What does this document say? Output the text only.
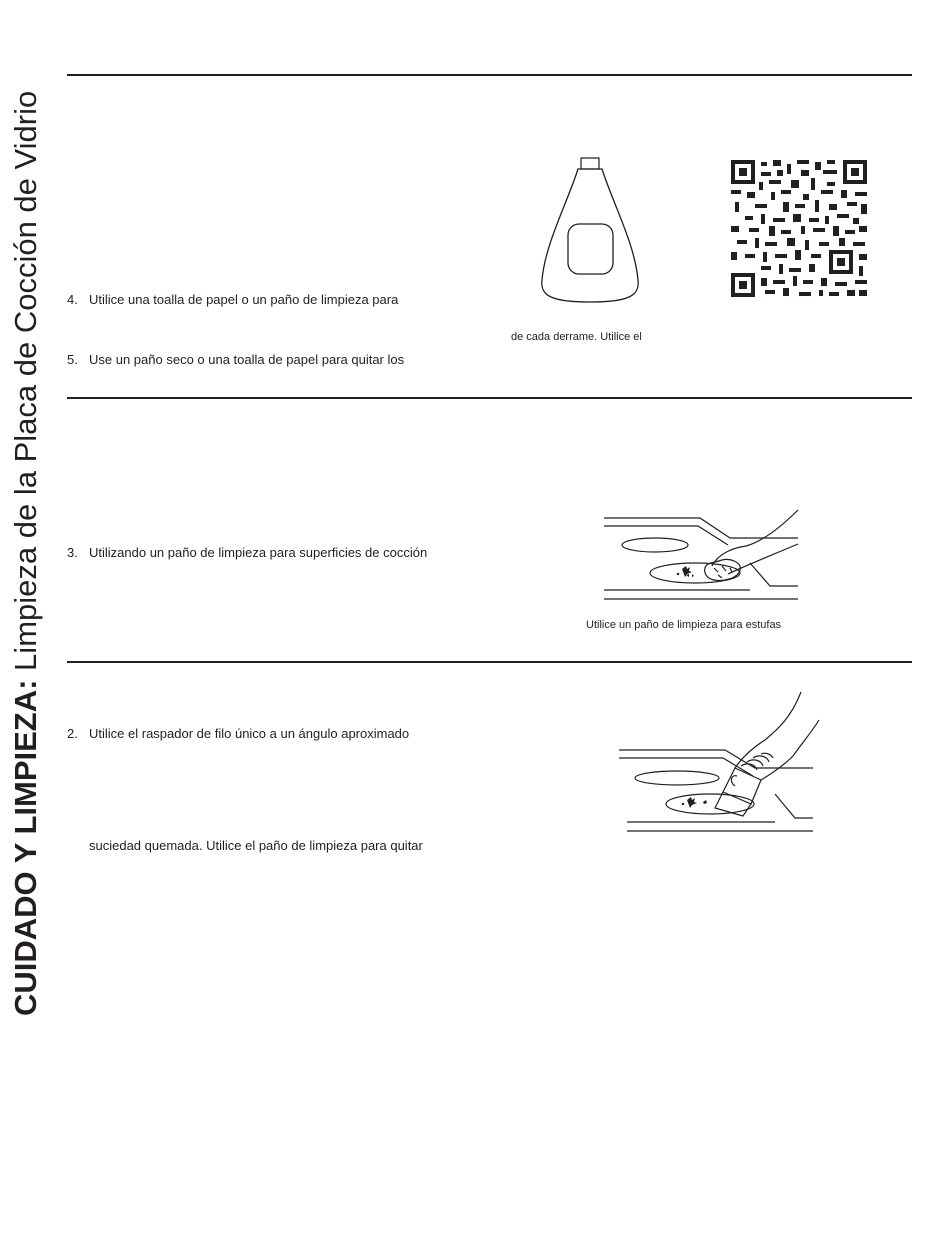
CUIDADO Y LIMPIEZA: Limpieza de la Placa de Cocción de Vidrio 4. Utilice una toalla de papel o un paño de limpieza para
de cada derrame. Utilice el
5. Use un paño seco o una toalla de papel para quitar los
3. Utilizando un paño de limpieza para superficies de cocción
Utilice un paño de limpieza para estufas
2. Utilice el raspador de filo único a un ángulo aproximado
suciedad quemada. Utilice el paño de limpieza para quitar
